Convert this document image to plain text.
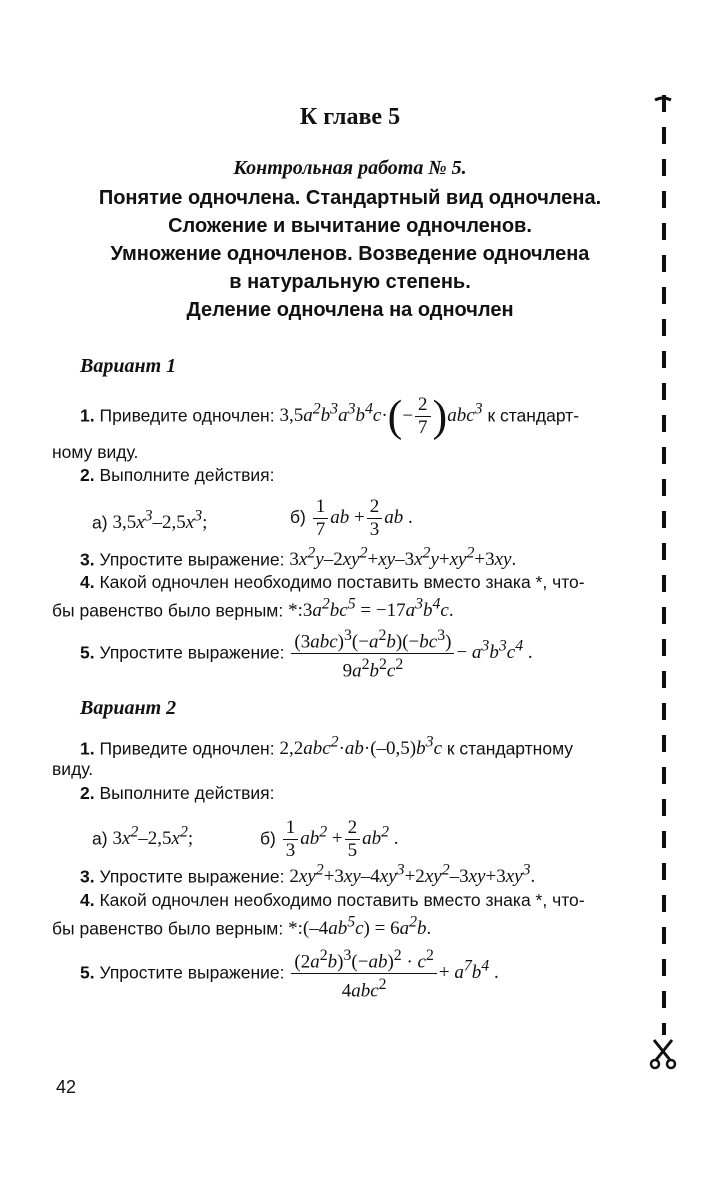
К главе 5
Контрольная работа № 5.
Понятие одночлена. Стандартный вид одночлена.
Сложение и вычитание одночленов.
Умножение одночленов. Возведение одночлена
в натуральную степень.
Деление одночлена на одночлен
Вариант 1
1. Приведите одночлен: $3,5a^2b^3a^3b^4c\cdot(- \frac{2}{7} )abc^3$ к стандарт-
ному виду.
2. Выполните действия:
а) $3,5x^3-2,5x^3$;	$б) \frac{1}{7}$ ab + $\frac{2}{3}$ ab .
3. Упростите выражение: $3x^2y-2xy^2+xy-3x^2y+xy^2+3xy$.
4. Какой одночлен необходимо поставить вместо знака *, что-
бы равенство было верным: $*:3a^2bc^5 = -17a^3b^4c$.
5. Упростите выражение: $\frac{(3abc)^3(-a^2b)(-bc^3)}{9a^2b^2c^2} - a^3b^3c^4$ .
Вариант 2
1. Приведите одночлен: $2,2abc^2\cdot ab\cdot(-0,5)b^3c$ к стандартному
виду.
2. Выполните действия:
а) $3x^2-2,5x^2$;	$б) \frac{1}{3} ab^2 + \frac{2}{5} ab^2$ .
3. Упростите выражение: $2xy^2+3xy-4xy^3+2xy^2-3xy+3xy^3$.
4. Какой одночлен необходимо поставить вместо знака *, что-
бы равенство было верным: $*:(-4ab^5c) = 6a^2b$.
5. Упростите выражение: $\frac{(2a^2b)^3(-ab)^2 \cdot c^2}{4abc^2} + a^7b^4$ .
42
